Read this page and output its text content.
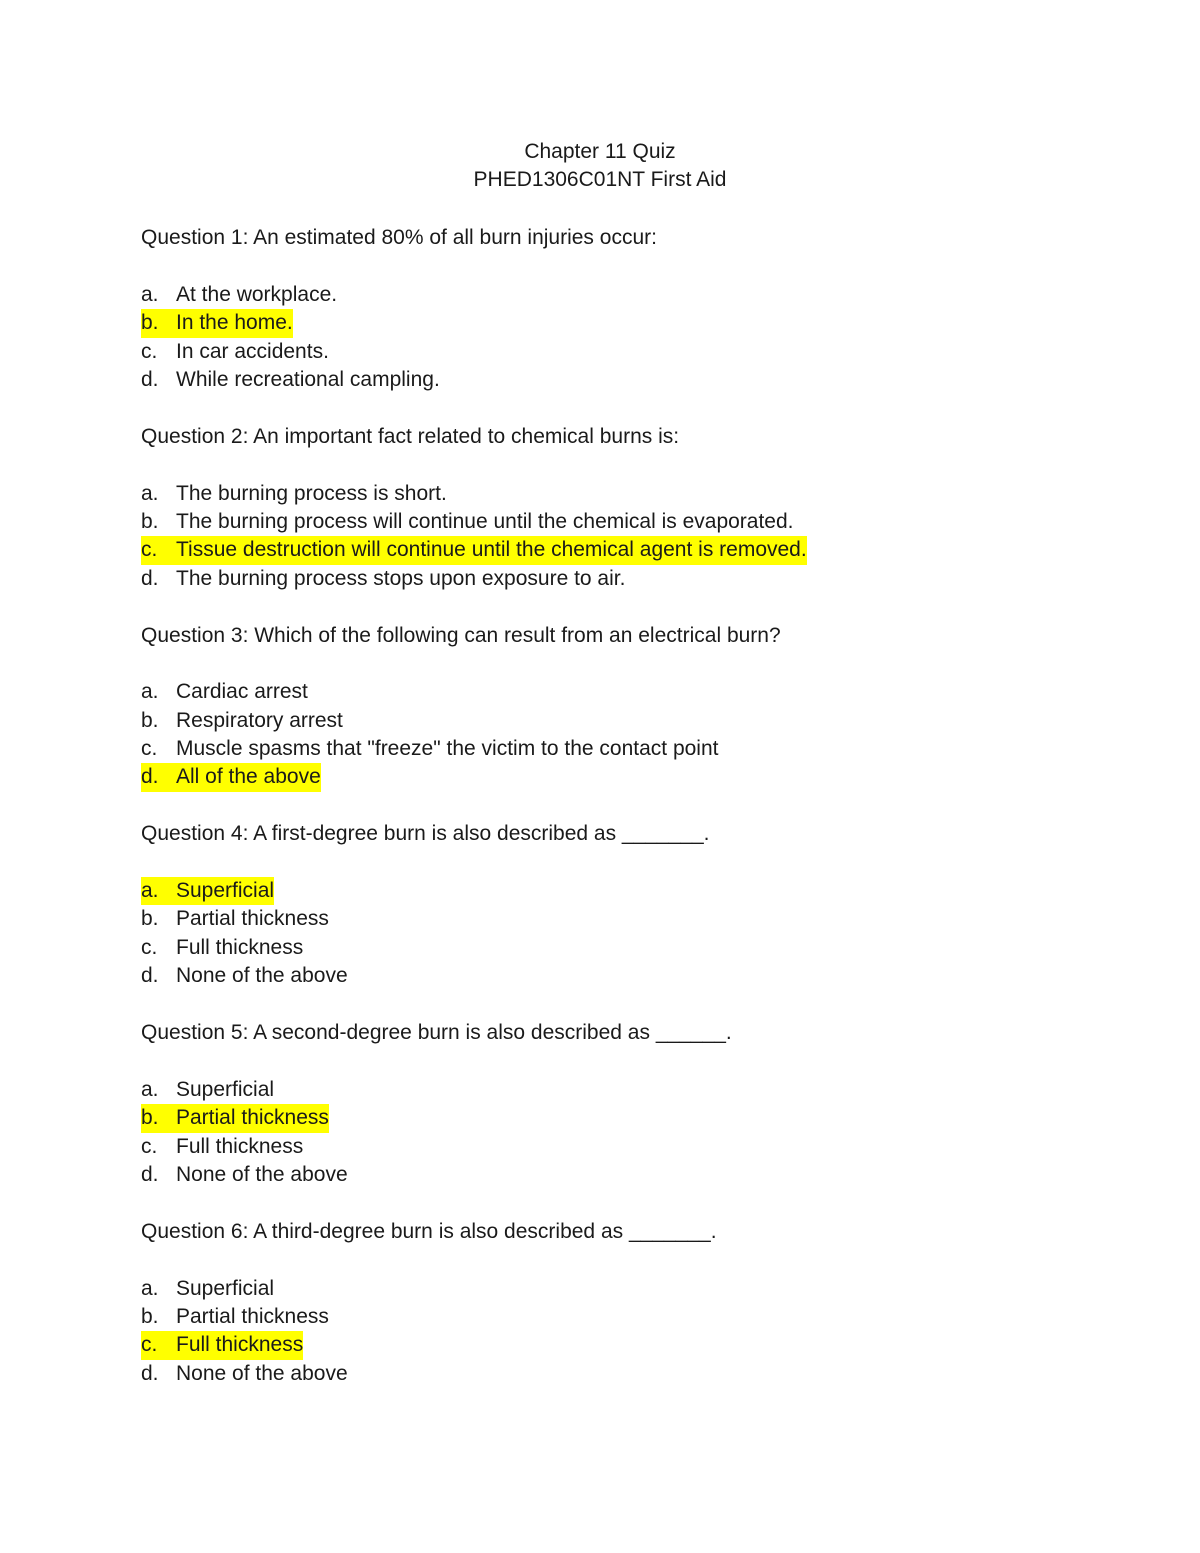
Chapter 11 Quiz
PHED1306C01NT First Aid
Question 1: An estimated 80% of all burn injuries occur:
a. At the workplace.
b. In the home.
c. In car accidents.
d. While recreational campling.
Question 2: An important fact related to chemical burns is:
a. The burning process is short.
b. The burning process will continue until the chemical is evaporated.
c. Tissue destruction will continue until the chemical agent is removed.
d. The burning process stops upon exposure to air.
Question 3: Which of the following can result from an electrical burn?
a. Cardiac arrest
b. Respiratory arrest
c. Muscle spasms that "freeze" the victim to the contact point
d. All of the above
Question 4: A first-degree burn is also described as _______.
a. Superficial
b. Partial thickness
c. Full thickness
d. None of the above
Question 5: A second-degree burn is also described as ______.
a. Superficial
b. Partial thickness
c. Full thickness
d. None of the above
Question 6: A third-degree burn is also described as _______.
a. Superficial
b. Partial thickness
c. Full thickness
d. None of the above
